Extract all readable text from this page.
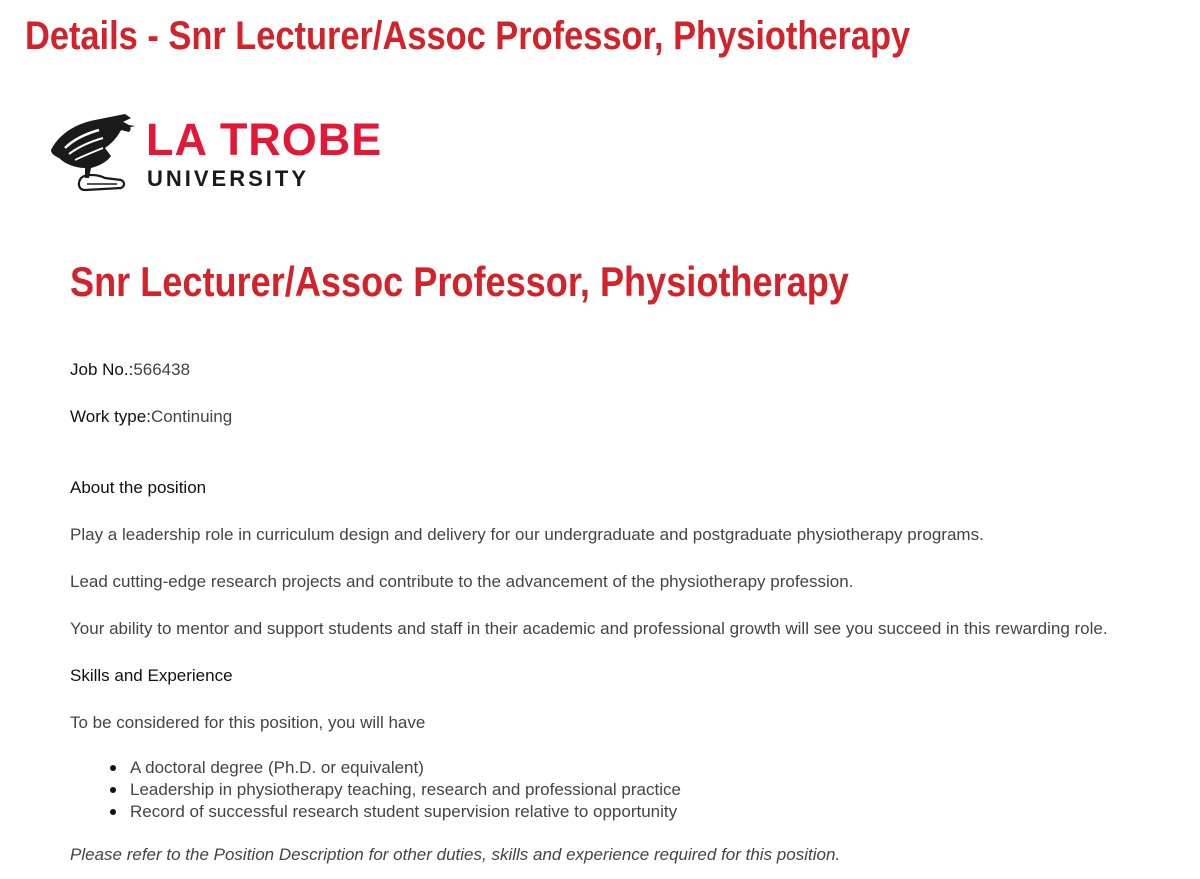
Details - Snr Lecturer/Assoc Professor, Physiotherapy
LA TROBE
UNIVERSITY
Snr Lecturer/Assoc Professor, Physiotherapy
Job No.:566438
Work type:Continuing
About the position

Play a leadership role in curriculum design and delivery for our undergraduate and postgraduate physiotherapy programs.

Lead cutting-edge research projects and contribute to the advancement of the physiotherapy profession.

Your ability to mentor and support students and staff in their academic and professional growth will see you succeed in this rewarding role.

Skills and Experience

To be considered for this position, you will have

A doctoral degree (Ph.D. or equivalent)
Leadership in physiotherapy teaching, research and professional practice
Record of successful research student supervision relative to opportunity

Please refer to the Position Description for other duties, skills and experience required for this position.
